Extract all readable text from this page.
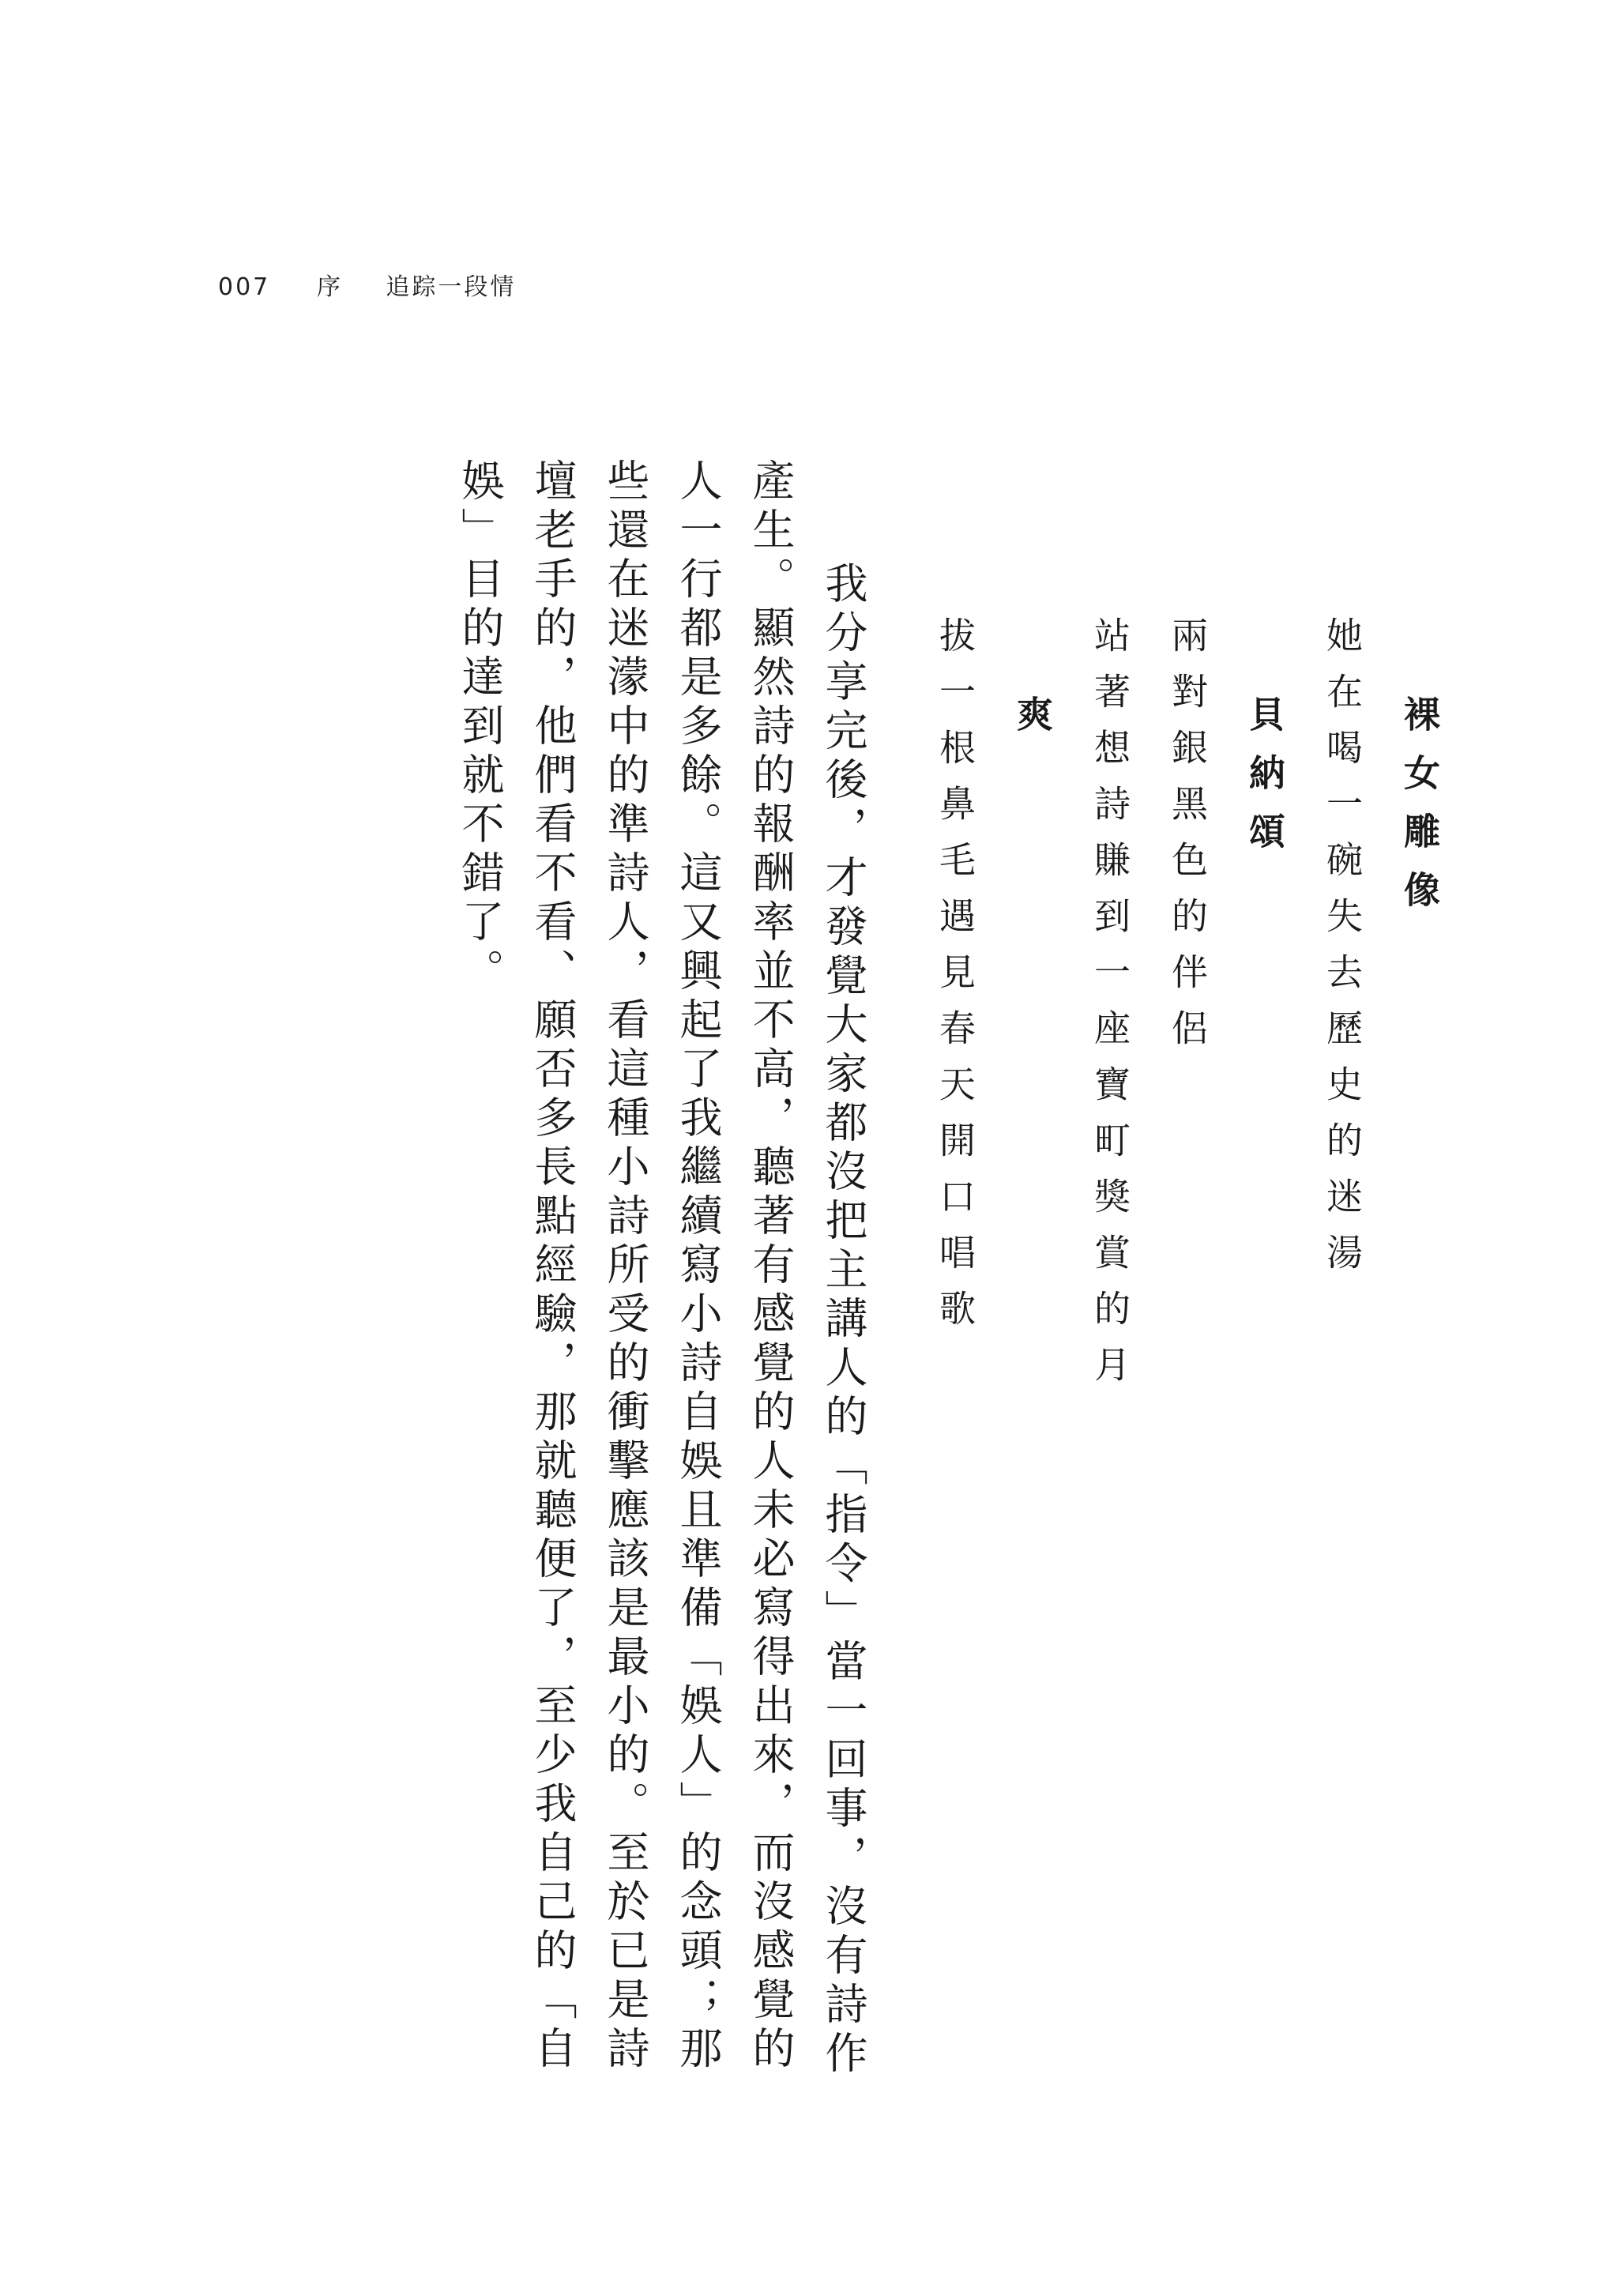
007 序 追踪一段情
裸女雕像
她在喝一碗失去歷史的迷湯
貝納頌
兩對銀黑色的伴侶
站著想詩賺到一座寶町獎賞的月
爽
拔一根鼻毛遇見春天開口唱歌
我分享完後，才發覺大家都沒把主講人的「指令」當一回事，沒有詩作
產生。顯然詩的報酬率並不高，聽著有感覺的人未必寫得出來，而沒感覺的
人一行都是多餘。這又興起了我繼續寫小詩自娛且準備「娛人」的念頭；那
些還在迷濛中的準詩人，看這種小詩所受的衝擊應該是最小的。至於已是詩
壇老手的，他們看不看、願否多長點經驗，那就聽便了，至少我自己的「自
娛」目的達到就不錯了。
